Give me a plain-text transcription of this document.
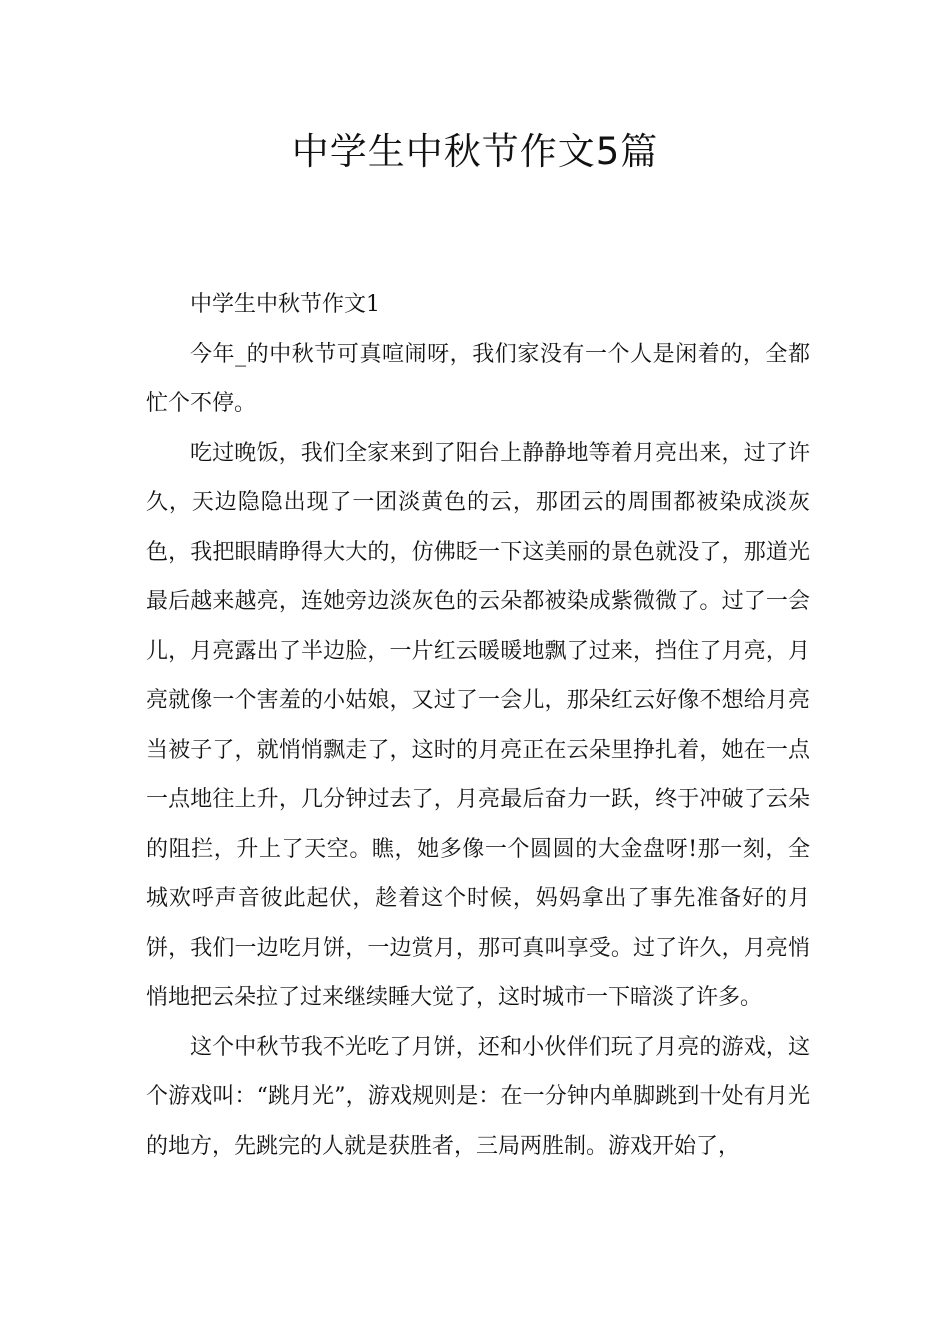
中学生中秋节作文5篇

中学生中秋节作文1

今年_的中秋节可真喧闹呀，我们家没有一个人是闲着的，全都忙个不停。

吃过晚饭，我们全家来到了阳台上静静地等着月亮出来，过了许久，天边隐隐出现了一团淡黄色的云，那团云的周围都被染成淡灰色，我把眼睛睁得大大的，仿佛眨一下这美丽的景色就没了，那道光最后越来越亮，连她旁边淡灰色的云朵都被染成紫微微了。过了一会儿，月亮露出了半边脸，一片红云暖暖地飘了过来，挡住了月亮，月亮就像一个害羞的小姑娘，又过了一会儿，那朵红云好像不想给月亮当被子了，就悄悄飘走了，这时的月亮正在云朵里挣扎着，她在一点一点地往上升，几分钟过去了，月亮最后奋力一跃，终于冲破了云朵的阻拦，升上了天空。瞧，她多像一个圆圆的大金盘呀!那一刻，全城欢呼声音彼此起伏，趁着这个时候，妈妈拿出了事先准备好的月饼，我们一边吃月饼，一边赏月，那可真叫享受。过了许久，月亮悄悄地把云朵拉了过来继续睡大觉了，这时城市一下暗淡了许多。

这个中秋节我不光吃了月饼，还和小伙伴们玩了月亮的游戏，这个游戏叫：“跳月光”，游戏规则是：在一分钟内单脚跳到十处有月光的地方，先跳完的人就是获胜者，三局两胜制。游戏开始了，
